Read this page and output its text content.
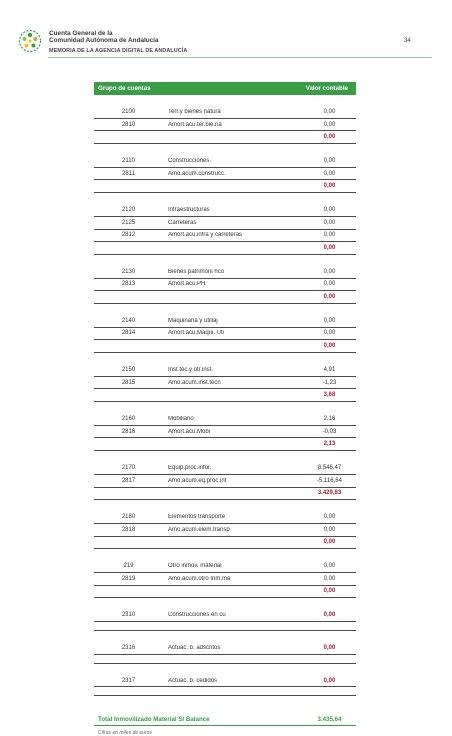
Cuenta General de la
Comunidad Autónoma de Andalucía
MEMORIA DE LA AGENCIA DIGITAL DE ANDALUCÍA
34
Grupo de cuentas	Valor contable
2100	Terr.y bienes natura	0,00
2810	Amort.acu.ter.bie.na	0,00
0,00
2110	Construcciones.	0,00
2811	Amo.acum.construcc.	0,00
0,00
2120	Infraestructuras	0,00
2125	Carreteras	0,00
2812	Amort.acu.infra y carreteras	0,00
0,00
2130	Bienes patrimoni hco	0,00
2813	Amort.acu.PH	0,00
0,00
2140	Maquinaria y utillaj	0,00
2814	Amort.acu.Maqui. Uti	0,00
0,00
2150	Inst.téc.y otr.inst.	4,91
2815	Amo.acum.inst.tecn	-1,23
3,68
2160	Mobiliario	2,16
2816	Amort.acu.Mobi	-0,03
2,13
2170	Equip.proc.infor.	8.546,47
2817	Amo.acum.eq.proc.inf	-5.116,64
3.429,83
2180	Elementos transporte	0,00
2818	Amo.acum.elem.transp	0,00
0,00
219	Otro inmov. material	0,00
2819	Amo.acum.otro Inm.ma	0,00
0,00
2310	Construcciones en cu	0,00
2316	Actuac. b. adscritos	0,00
2317	Actuac. b. cedidos	0,00
Total Inmovilizado Material S/ Balance	3.435,64
Cifras en miles de euros
